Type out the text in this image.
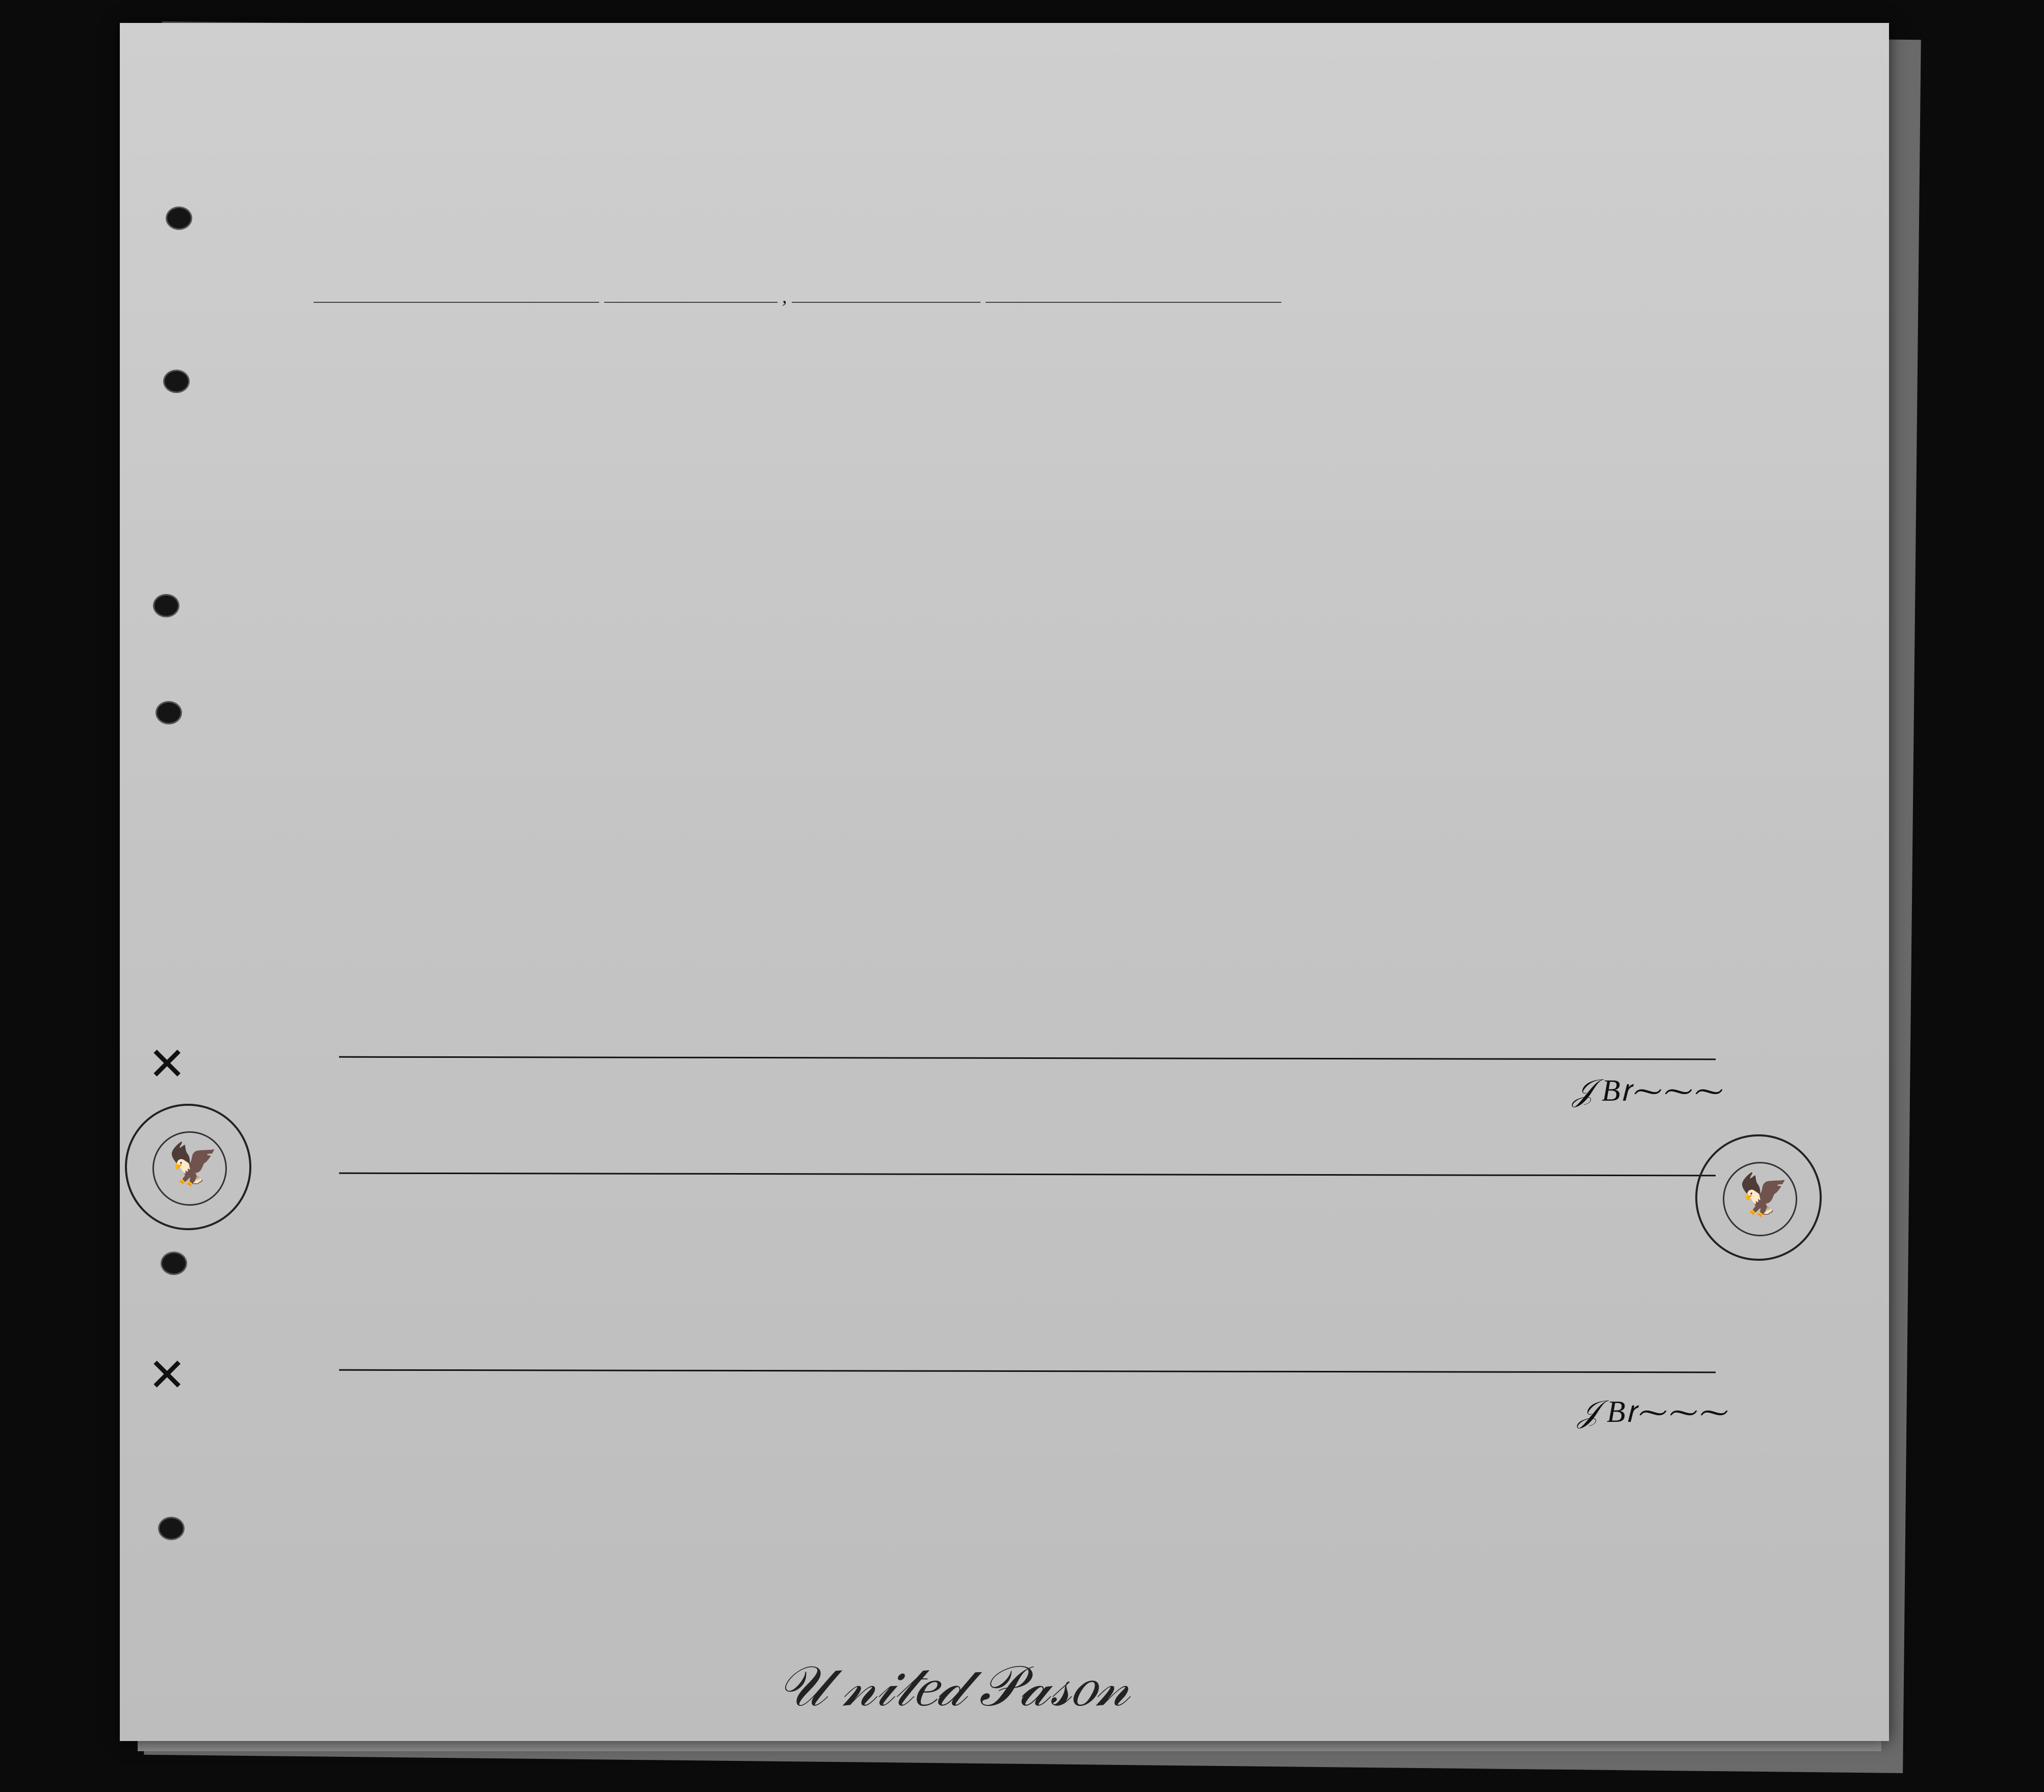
,
✕
✕
𝒥 Bꭇ⁓⁓⁓
𝒥 Bꭇ⁓⁓⁓
🦅
🦅
𝒰 𝓃𝒾𝓉𝑒𝒹 𝒫𝒶𝓈𝑜𝓃
